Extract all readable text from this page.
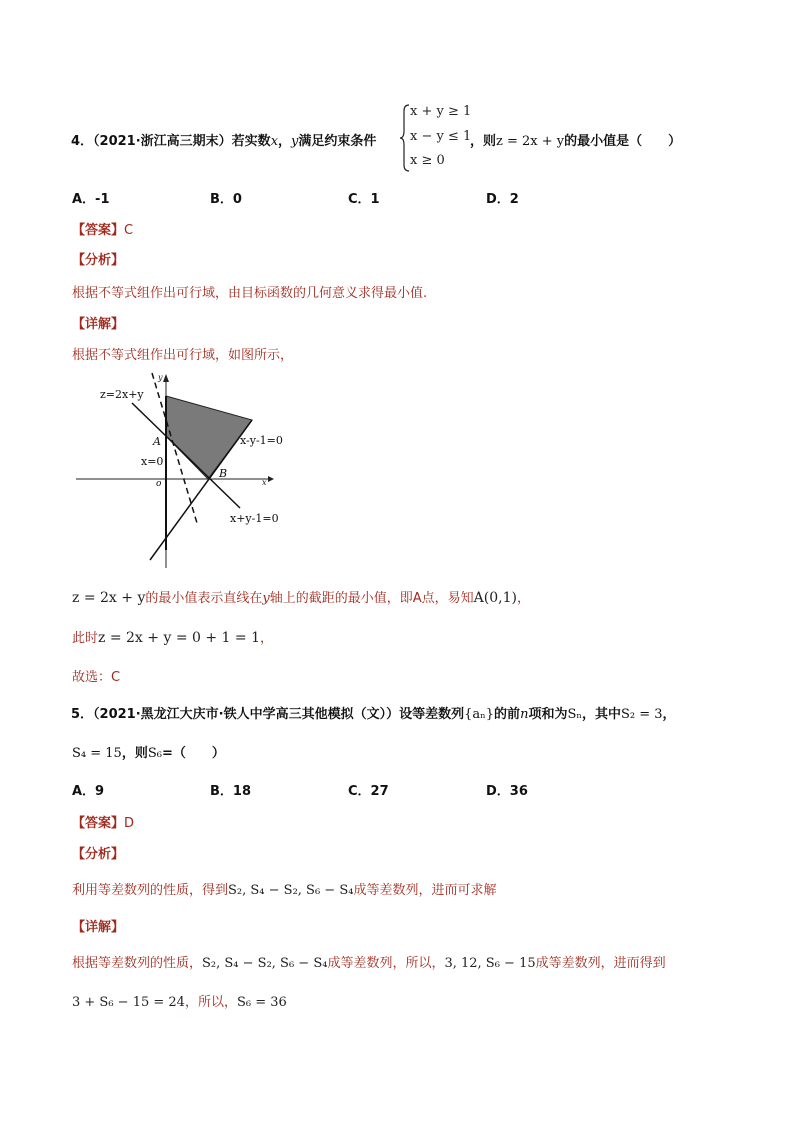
4．（2021·浙江高三期末）若实数x，y满足约束条件
x + y ≥ 1
x − y ≤ 1
x ≥ 0
，则z = 2x + y的最小值是（　　）
A．-1	B．0	C．1	D．2
【答案】C
【分析】
根据不等式组作出可行域，由目标函数的几何意义求得最小值.
【详解】
根据不等式组作出可行域，如图所示，
x
y
z=2x+y
A
x=0
o
B
x-y-1=0
x+y-1=0
z = 2x + y的最小值表示直线在y轴上的截距的最小值，即A点，易知A(0,1)，
此时z = 2x + y = 0 + 1 = 1，
故选：C
5．（2021·黑龙江大庆市·铁人中学高三其他模拟（文））设等差数列{aₙ}的前n项和为Sₙ，其中S₂ = 3，
S₄ = 15，则S₆=（　　）
A．9	B．18	C．27	D．36
【答案】D
【分析】
利用等差数列的性质，得到S₂, S₄ − S₂, S₆ − S₄成等差数列，进而可求解
【详解】
根据等差数列的性质，S₂, S₄ − S₂, S₆ − S₄成等差数列，所以，3, 12, S₆ − 15成等差数列，进而得到
3 + S₆ − 15 = 24，所以，S₆ = 36
